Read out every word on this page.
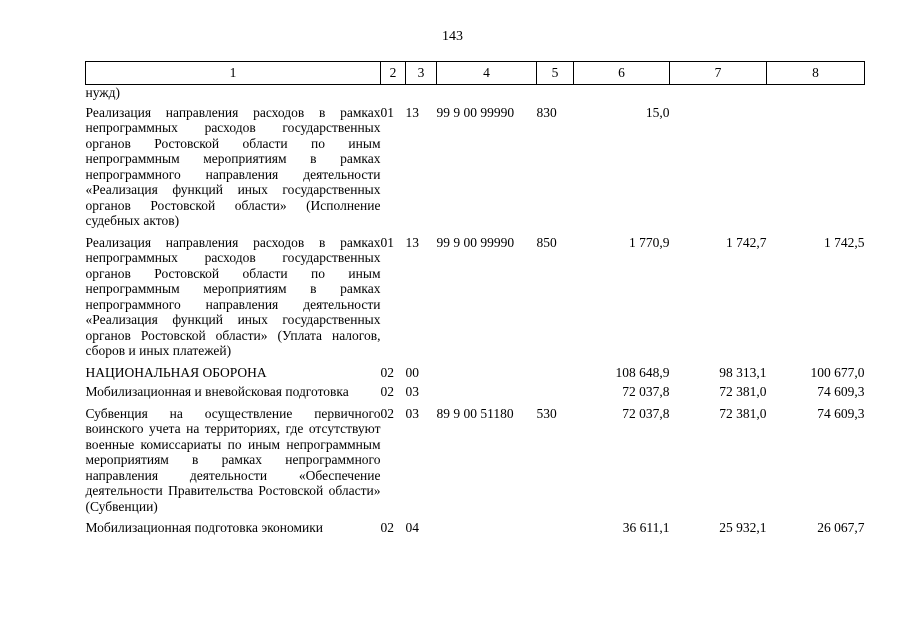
143
1	2	3	4	5	6	7	8
нужд)							
Реализация направления расходов в рамках непрограммных расходов государственных органов Ростовской области по иным непрограммным мероприятиям в рамках непрограммного направления деятельности «Реализация функций иных государственных органов Ростовской области» (Исполнение судебных актов)	01	13	99 9 00 99990	830	15,0		
Реализация направления расходов в рамках непрограммных расходов государственных органов Ростовской области по иным непрограммным мероприятиям в рамках непрограммного направления деятельности «Реализация функций иных государственных органов Ростовской области» (Уплата налогов, сборов и иных платежей)	01	13	99 9 00 99990	850	1 770,9	1 742,7	1 742,5
НАЦИОНАЛЬНАЯ ОБОРОНА	02	00			108 648,9	98 313,1	100 677,0
Мобилизационная и вневойсковая подготовка	02	03			72 037,8	72 381,0	74 609,3
Субвенция на осуществление первичного воинского учета на территориях, где отсутствуют военные комиссариаты по иным непрограммным мероприятиям в рамках непрограммного направления деятельности «Обеспечение деятельности Правительства Ростовской области» (Субвенции)	02	03	89 9 00 51180	530	72 037,8	72 381,0	74 609,3
Мобилизационная подготовка экономики	02	04			36 611,1	25 932,1	26 067,7
